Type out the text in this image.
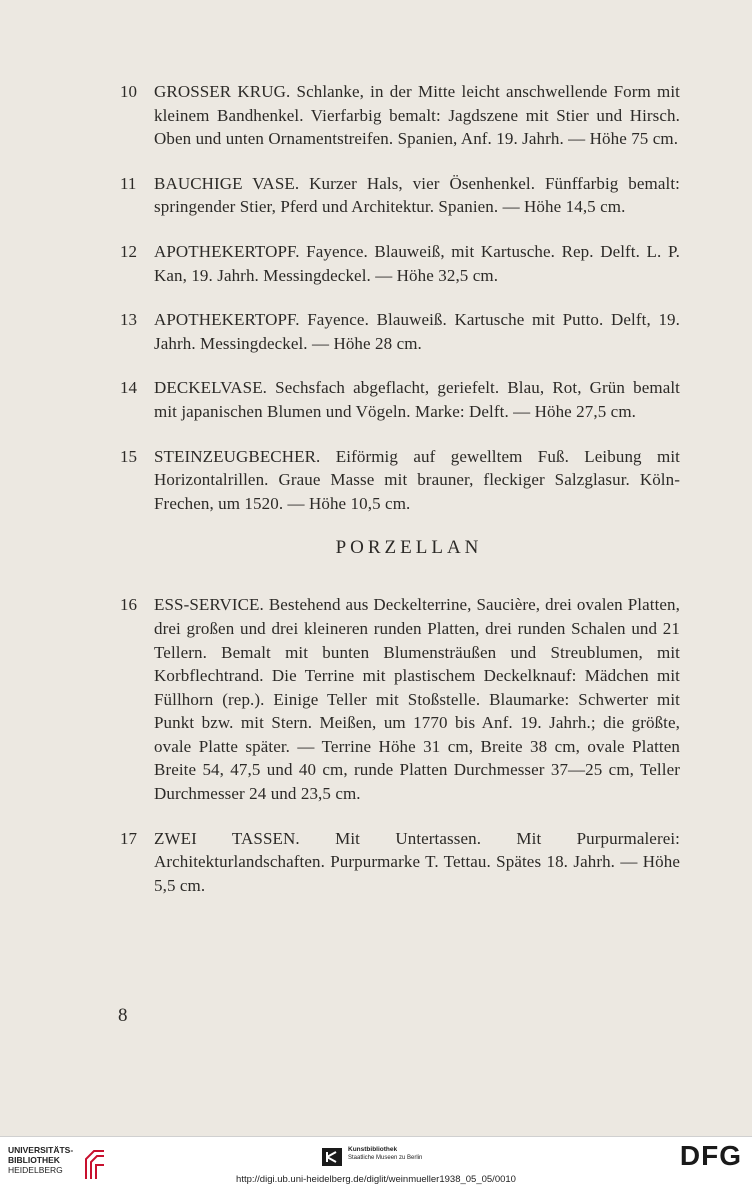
10	GROSSER KRUG. Schlanke, in der Mitte leicht anschwellende Form mit kleinem Bandhenkel. Vierfarbig bemalt: Jagdszene mit Stier und Hirsch. Oben und unten Ornamentstreifen. Spanien, Anf. 19. Jahrh. — Höhe 75 cm.
11	BAUCHIGE VASE. Kurzer Hals, vier Ösenhenkel. Fünffarbig bemalt: springender Stier, Pferd und Architektur. Spanien. — Höhe 14,5 cm.
12	APOTHEKERTOPF. Fayence. Blauweiß, mit Kartusche. Rep. Delft. L. P. Kan, 19. Jahrh. Messingdeckel. — Höhe 32,5 cm.
13	APOTHEKERTOPF. Fayence. Blauweiß. Kartusche mit Putto. Delft, 19. Jahrh. Messingdeckel. — Höhe 28 cm.
14	DECKELVASE. Sechsfach abgeflacht, geriefelt. Blau, Rot, Grün bemalt mit japanischen Blumen und Vögeln. Marke: Delft. — Höhe 27,5 cm.
15	STEINZEUGBECHER. Eiförmig auf gewelltem Fuß. Leibung mit Horizontalrillen. Graue Masse mit brauner, fleckiger Salzglasur. Köln-Frechen, um 1520. — Höhe 10,5 cm.
PORZELLAN
16	ESS-SERVICE. Bestehend aus Deckelterrine, Saucière, drei ovalen Platten, drei großen und drei kleineren runden Platten, drei runden Schalen und 21 Tellern. Bemalt mit bunten Blumensträußen und Streublumen, mit Korbflechtrand. Die Terrine mit plastischem Deckelknauf: Mädchen mit Füllhorn (rep.). Einige Teller mit Stoßstelle. Blaumarke: Schwerter mit Punkt bzw. mit Stern. Meißen, um 1770 bis Anf. 19. Jahrh.; die größte, ovale Platte später. — Terrine Höhe 31 cm, Breite 38 cm, ovale Platten Breite 54, 47,5 und 40 cm, runde Platten Durchmesser 37—25 cm, Teller Durchmesser 24 und 23,5 cm.
17	ZWEI TASSEN. Mit Untertassen. Mit Purpurmalerei: Architekturlandschaften. Purpurmarke T. Tettau. Spätes 18. Jahrh. — Höhe 5,5 cm.
8
UNIVERSITÄTS-
BIBLIOTHEK
HEIDELBERG
Kunstbibliothek
Staatliche Museen zu Berlin
http://digi.ub.uni-heidelberg.de/diglit/weinmueller1938_05_05/0010
DFG
